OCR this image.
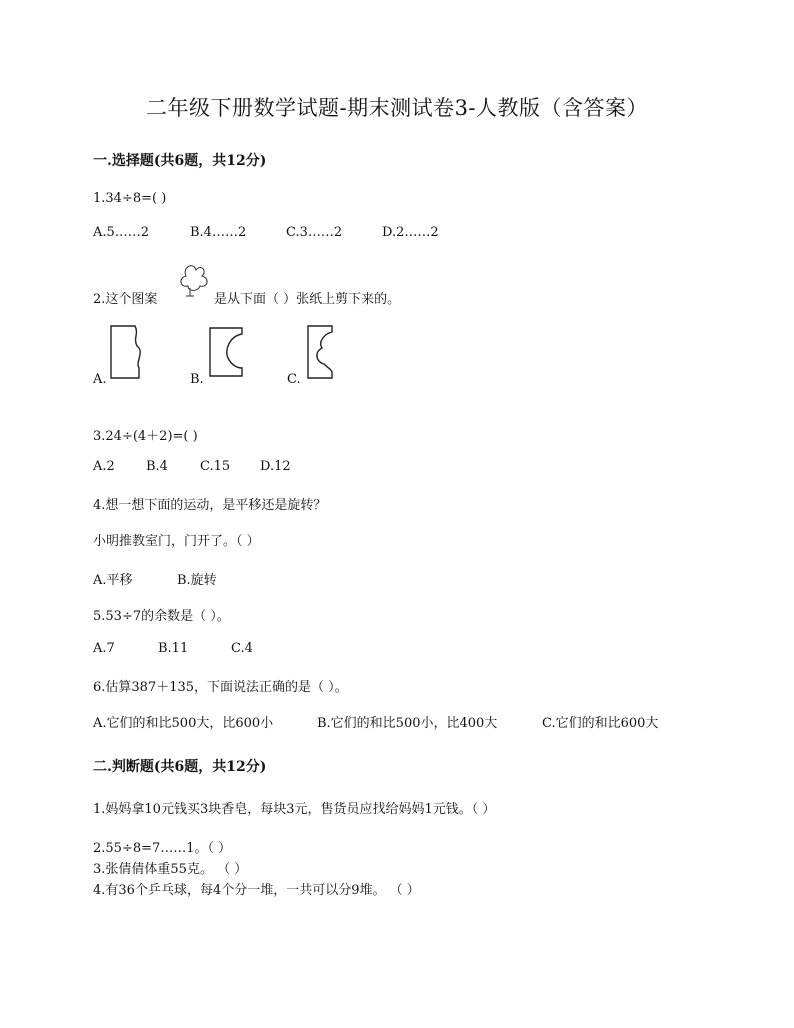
二年级下册数学试题-期末测试卷3-人教版（含答案）
一.选择题(共6题，共12分)
1.34÷8=( )
A.5……2	B.4……2	C.3……2	D.2……2
2.这个图案	是从下面（ ）张纸上剪下来的。
A.	B.	C.
3.24÷(4＋2)=( )
A.2 B.4 C.15 D.12
4.想一想下面的运动，是平移还是旋转？
小明推教室门，门开了。（ ）
A.平移	B.旋转
5.53÷7的余数是（ ）。
A.7	B.11	C.4
6.估算387＋135，下面说法正确的是（ ）。
A.它们的和比500大，比600小	B.它们的和比500小，比400大	C.它们的和比600大
二.判断题(共6题，共12分)
1.妈妈拿10元钱买3块香皂，每块3元，售货员应找给妈妈1元钱。（ ）
2.55÷8=7……1。（ ）
3.张倩倩体重55克。 （ ）
4.有36个乒乓球，每4个分一堆，一共可以分9堆。 （ ）
